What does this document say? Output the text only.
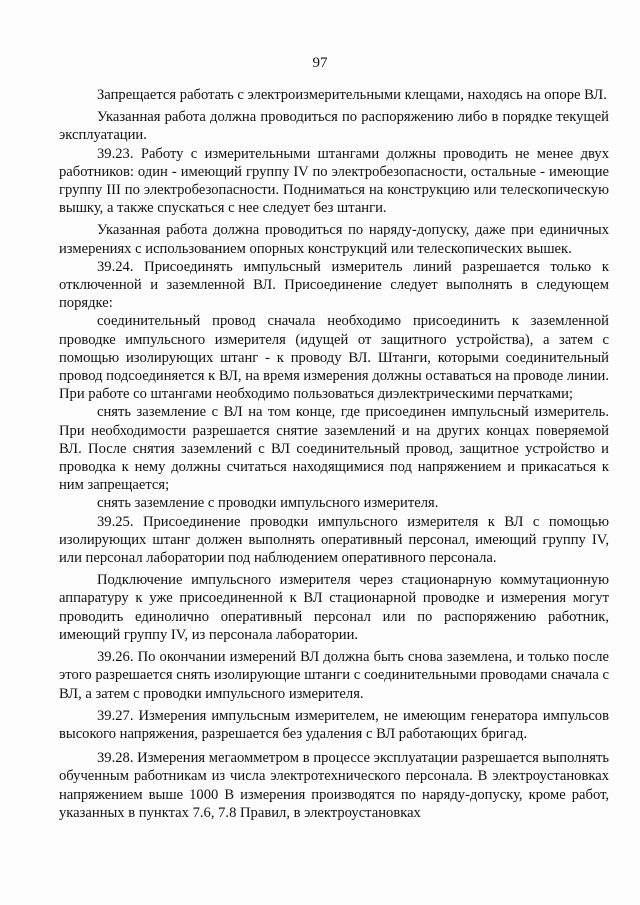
97

Запрещается работать с электроизмерительными клещами, находясь на опоре ВЛ.

Указанная работа должна проводиться по распоряжению либо в порядке текущей эксплуатации.

39.23. Работу с измерительными штангами должны проводить не менее двух работников: один - имеющий группу IV по электробезопасности, остальные - имеющие группу III по электробезопасности. Подниматься на конструкцию или телескопическую вышку, а также спускаться с нее следует без штанги.

Указанная работа должна проводиться по наряду-допуску, даже при единичных измерениях с использованием опорных конструкций или телескопических вышек.

39.24. Присоединять импульсный измеритель линий разрешается только к отключенной и заземленной ВЛ. Присоединение следует выполнять в следующем порядке:

соединительный провод сначала необходимо присоединить к заземленной проводке импульсного измерителя (идущей от защитного устройства), а затем с помощью изолирующих штанг - к проводу ВЛ. Штанги, которыми соединительный провод подсоединяется к ВЛ, на время измерения должны оставаться на проводе линии. При работе со штангами необходимо пользоваться диэлектрическими перчатками;

снять заземление с ВЛ на том конце, где присоединен импульсный измеритель. При необходимости разрешается снятие заземлений и на других концах поверяемой ВЛ. После снятия заземлений с ВЛ соединительный провод, защитное устройство и проводка к нему должны считаться находящимися под напряжением и прикасаться к ним запрещается;

снять заземление с проводки импульсного измерителя.

39.25. Присоединение проводки импульсного измерителя к ВЛ с помощью изолирующих штанг должен выполнять оперативный персонал, имеющий группу IV, или персонал лаборатории под наблюдением оперативного персонала.

Подключение импульсного измерителя через стационарную коммутационную аппаратуру к уже присоединенной к ВЛ стационарной проводке и измерения могут проводить единолично оперативный персонал или по распоряжению работник, имеющий группу IV, из персонала лаборатории.

39.26. По окончании измерений ВЛ должна быть снова заземлена, и только после этого разрешается снять изолирующие штанги с соединительными проводами сначала с ВЛ, а затем с проводки импульсного измерителя.

39.27. Измерения импульсным измерителем, не имеющим генератора импульсов высокого напряжения, разрешается без удаления с ВЛ работающих бригад.

39.28. Измерения мегаомметром в процессе эксплуатации разрешается выполнять обученным работникам из числа электротехнического персонала. В электроустановках напряжением выше 1000 В измерения производятся по наряду-допуску, кроме работ, указанных в пунктах 7.6, 7.8 Правил, в электроустановках
